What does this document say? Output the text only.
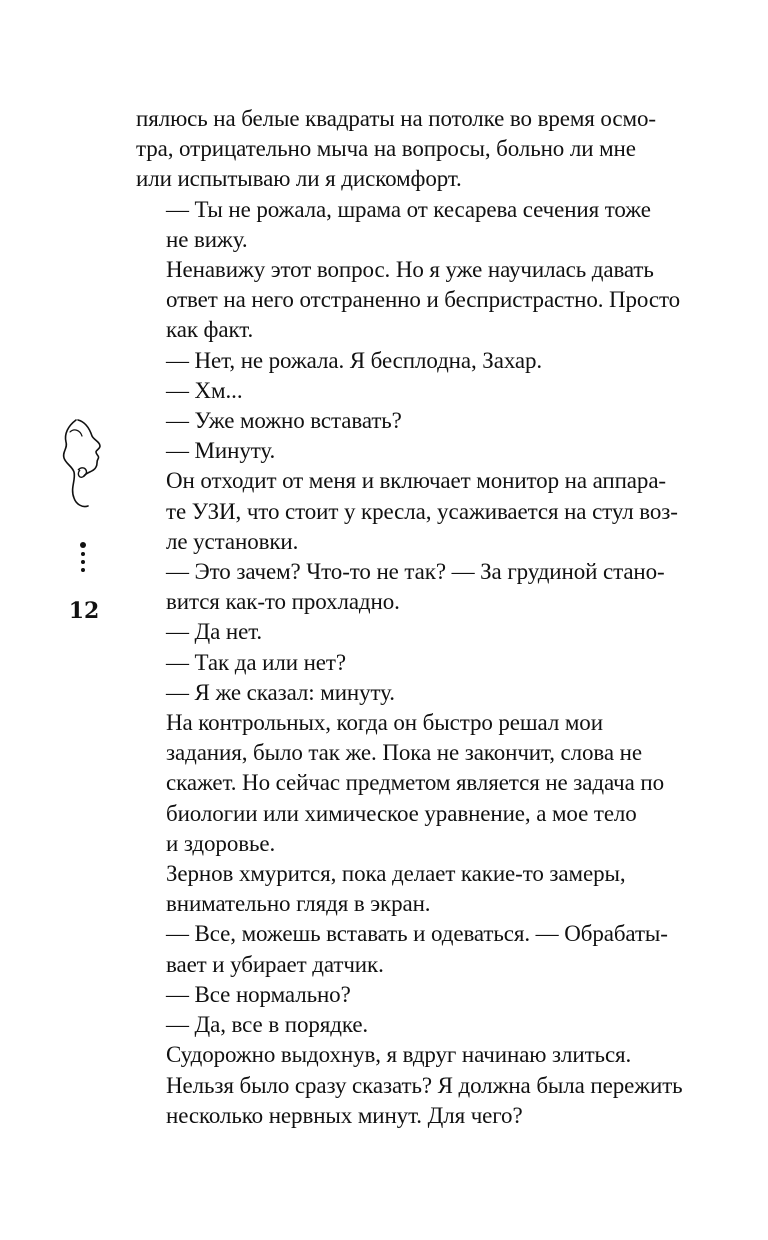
12

пялюсь на белые квадраты на потолке во время осмо-
тра, отрицательно мыча на вопросы, больно ли мне
или испытываю ли я дискомфорт.

— Ты не рожала, шрама от кесарева сечения тоже
не вижу.

Ненавижу этот вопрос. Но я уже научилась давать
ответ на него отстраненно и беспристрастно. Просто
как факт.

— Нет, не рожала. Я бесплодна, Захар.

— Хм...

— Уже можно вставать?

— Минуту.

Он отходит от меня и включает монитор на аппара-
те УЗИ, что стоит у кресла, усаживается на стул воз-
ле установки.

— Это зачем? Что-то не так? — За грудиной стано-
вится как-то прохладно.

— Да нет.

— Так да или нет?

— Я же сказал: минуту.

На контрольных, когда он быстро решал мои
задания, было так же. Пока не закончит, слова не
скажет. Но сейчас предметом является не задача по
биологии или химическое уравнение, а мое тело
и здоровье.

Зернов хмурится, пока делает какие-то замеры,
внимательно глядя в экран.

— Все, можешь вставать и одеваться. — Обрабаты-
вает и убирает датчик.

— Все нормально?

— Да, все в порядке.

Судорожно выдохнув, я вдруг начинаю злиться.
Нельзя было сразу сказать? Я должна была пережить
несколько нервных минут. Для чего?
